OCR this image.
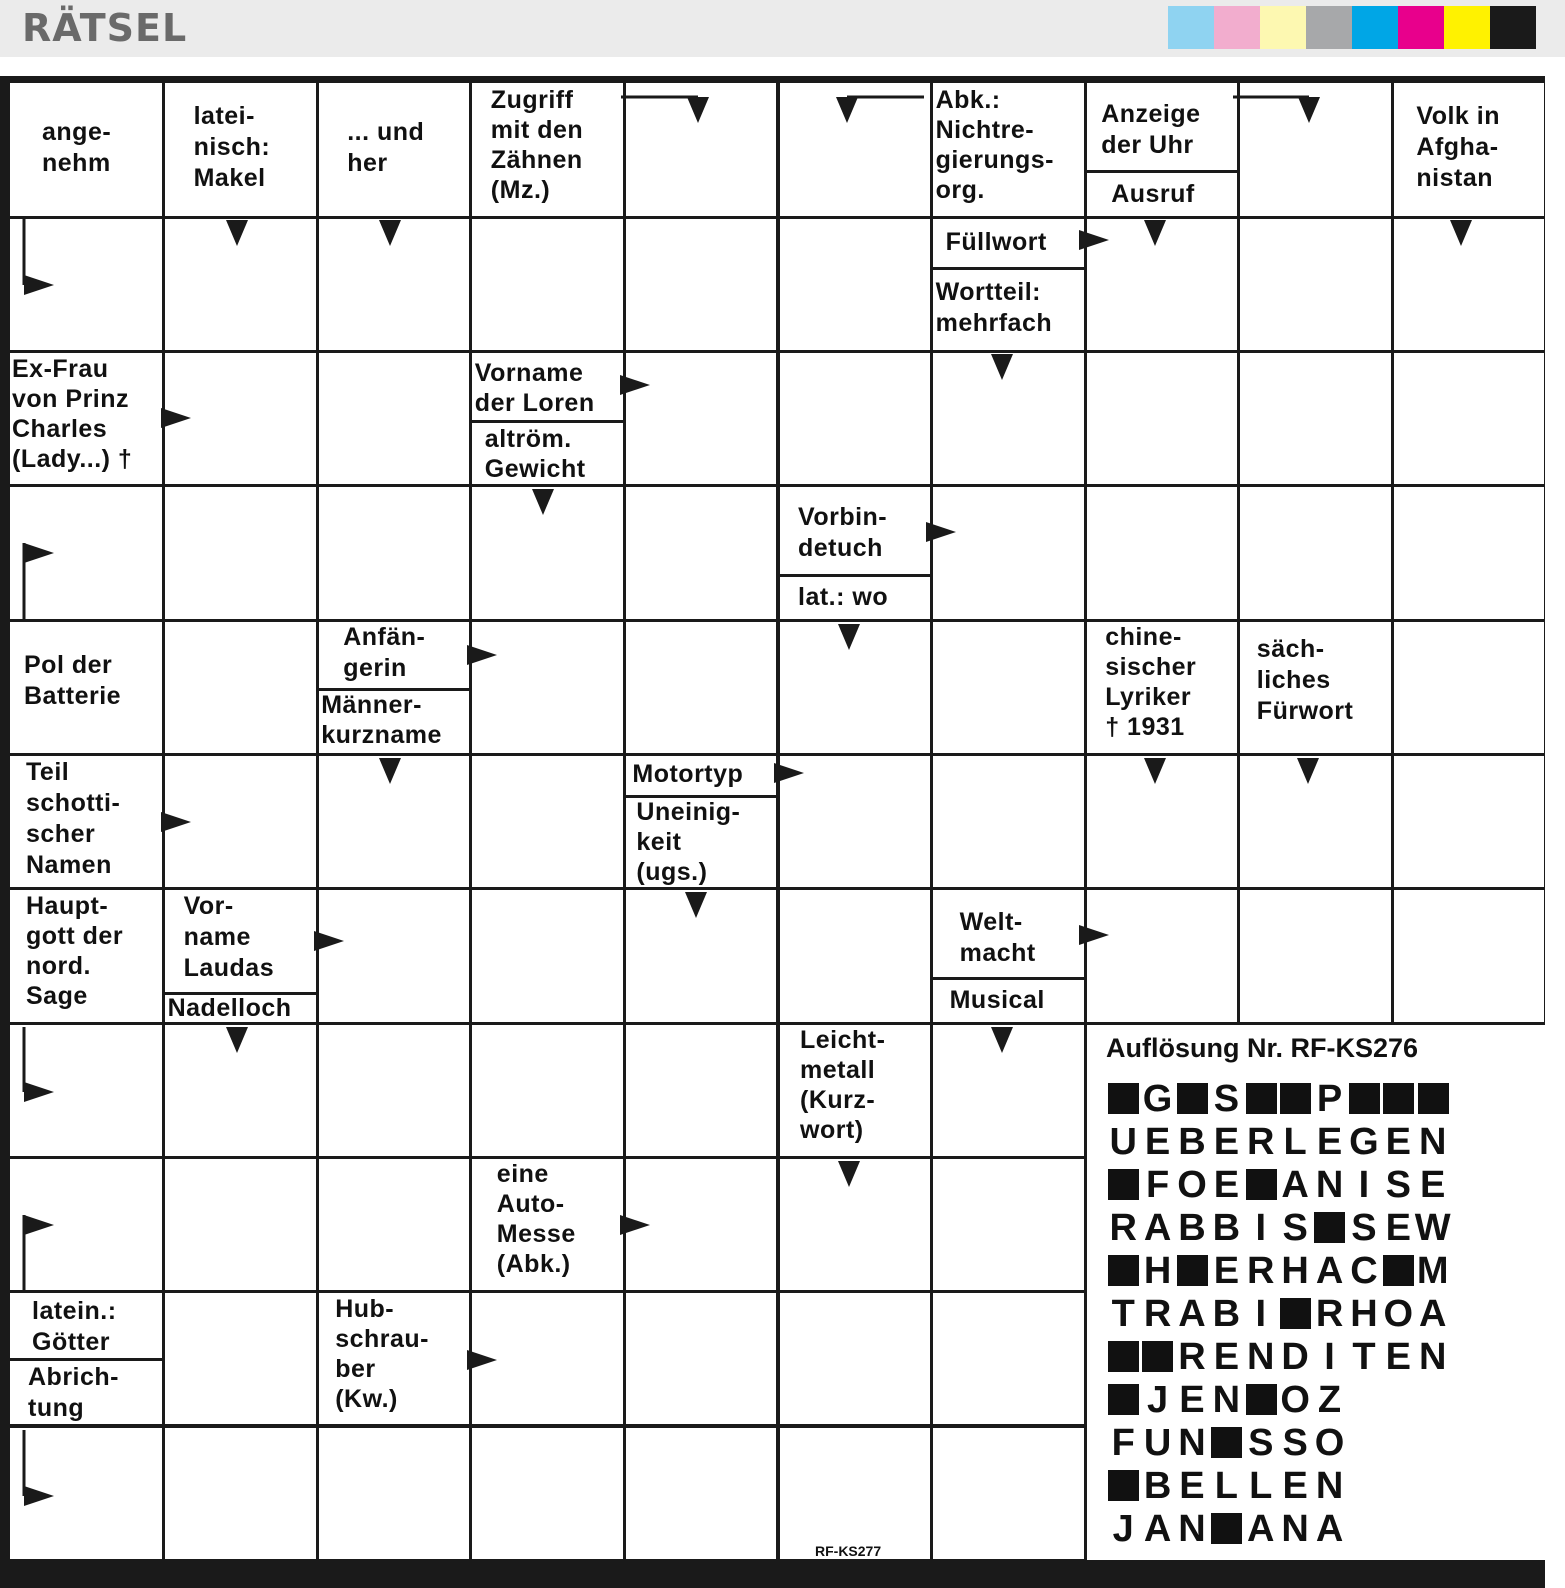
RÄTSEL
ange-
nehm
latei-
nisch:
Makel
... und
her
Zugriff
mit den
Zähnen
(Mz.)
Abk.:
Nichtre-
gierungs-
org.
Anzeige
der Uhr
Ausruf
Volk in
Afgha-
nistan
Füllwort
Wortteil:
mehrfach
Ex-Frau
von Prinz
Charles
(Lady...) †
Vorname
der Loren
altröm.
Gewicht
Vorbin-
detuch
lat.: wo
Pol der
Batterie
Anfän-
gerin
Männer-
kurzname
chine-
sischer
Lyriker
† 1931
säch-
liches
Fürwort
Teil
schotti-
scher
Namen
Motortyp
Uneinig-
keit
(ugs.)
Haupt-
gott der
nord.
Sage
Vor-
name
Laudas
Nadelloch
Welt-
macht
Musical
Leicht-
metall
(Kurz-
wort)
eine
Auto-
Messe
(Abk.)
latein.:
Götter
Abrich-
tung
Hub-
schrau-
ber
(Kw.)
Auflösung Nr. RF-KS276
G S P
U E B E R L E G E N
F O E A N I S E
R A B B I S S E W
H E R H A C M
T R A B I	R H O A
R E N D I T E N
J E N O Z
F U N S S O
B E L L E N
J A N A N A
RF-KS277
